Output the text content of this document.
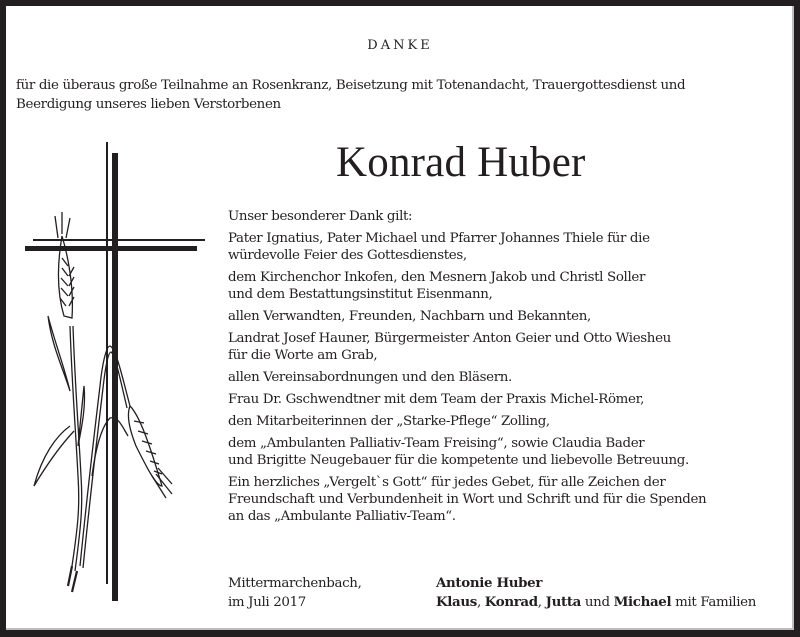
DANKE
für die überaus große Teilnahme an Rosenkranz, Beisetzung mit Totenandacht, Trauergottesdienst und
Beerdigung unseres lieben Verstorbenen
Konrad Huber

Unser besonderer Dank gilt:

Pater Ignatius, Pater Michael und Pfarrer Johannes Thiele für die
würdevolle Feier des Gottesdienstes,

dem Kirchenchor Inkofen, den Mesnern Jakob und Christl Soller
und dem Bestattungsinstitut Eisenmann,

allen Verwandten, Freunden, Nachbarn und Bekannten,

Landrat Josef Hauner, Bürgermeister Anton Geier und Otto Wiesheu
für die Worte am Grab,

allen Vereinsabordnungen und den Bläsern.

Frau Dr. Gschwendtner mit dem Team der Praxis Michel-Römer,

den Mitarbeiterinnen der „Starke-Pflege“ Zolling,

dem „Ambulanten Palliativ-Team Freising“, sowie Claudia Bader
und Brigitte Neugebauer für die kompetente und liebevolle Betreuung.

Ein herzliches „Vergelt`s Gott“ für jedes Gebet, für alle Zeichen der
Freundschaft und Verbundenheit in Wort und Schrift und für die Spenden
an das „Ambulante Palliativ-Team“.

Mittermarchenbach,
im Juli 2017
Antonie Huber
Klaus, Konrad, Jutta und Michael mit Familien
